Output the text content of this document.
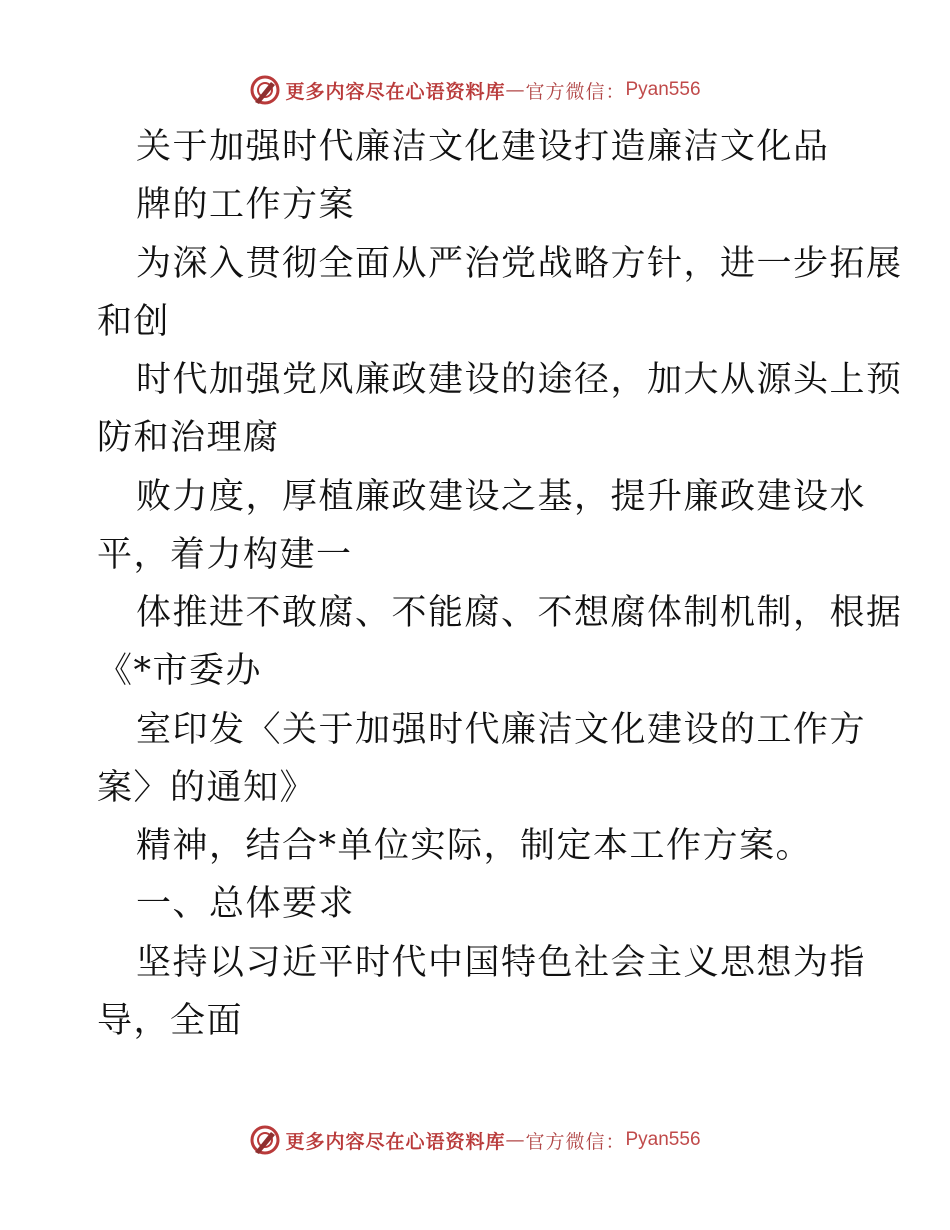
更多内容尽在心语资料库 — 官方微信： Pyan556
关于加强时代廉洁文化建设打造廉洁文化品
牌的工作方案
为深入贯彻全面从严治党战略方针，进一步拓展
和创
时代加强党风廉政建设的途径，加大从源头上预
防和治理腐
败力度，厚植廉政建设之基，提升廉政建设水
平，着力构建一
体推进不敢腐、不能腐、不想腐体制机制，根据
《*市委办
室印发〈关于加强时代廉洁文化建设的工作方
案〉的通知》
精神，结合*单位实际，制定本工作方案。
一、总体要求
坚持以习近平时代中国特色社会主义思想为指
导，全面
更多内容尽在心语资料库 — 官方微信： Pyan556
